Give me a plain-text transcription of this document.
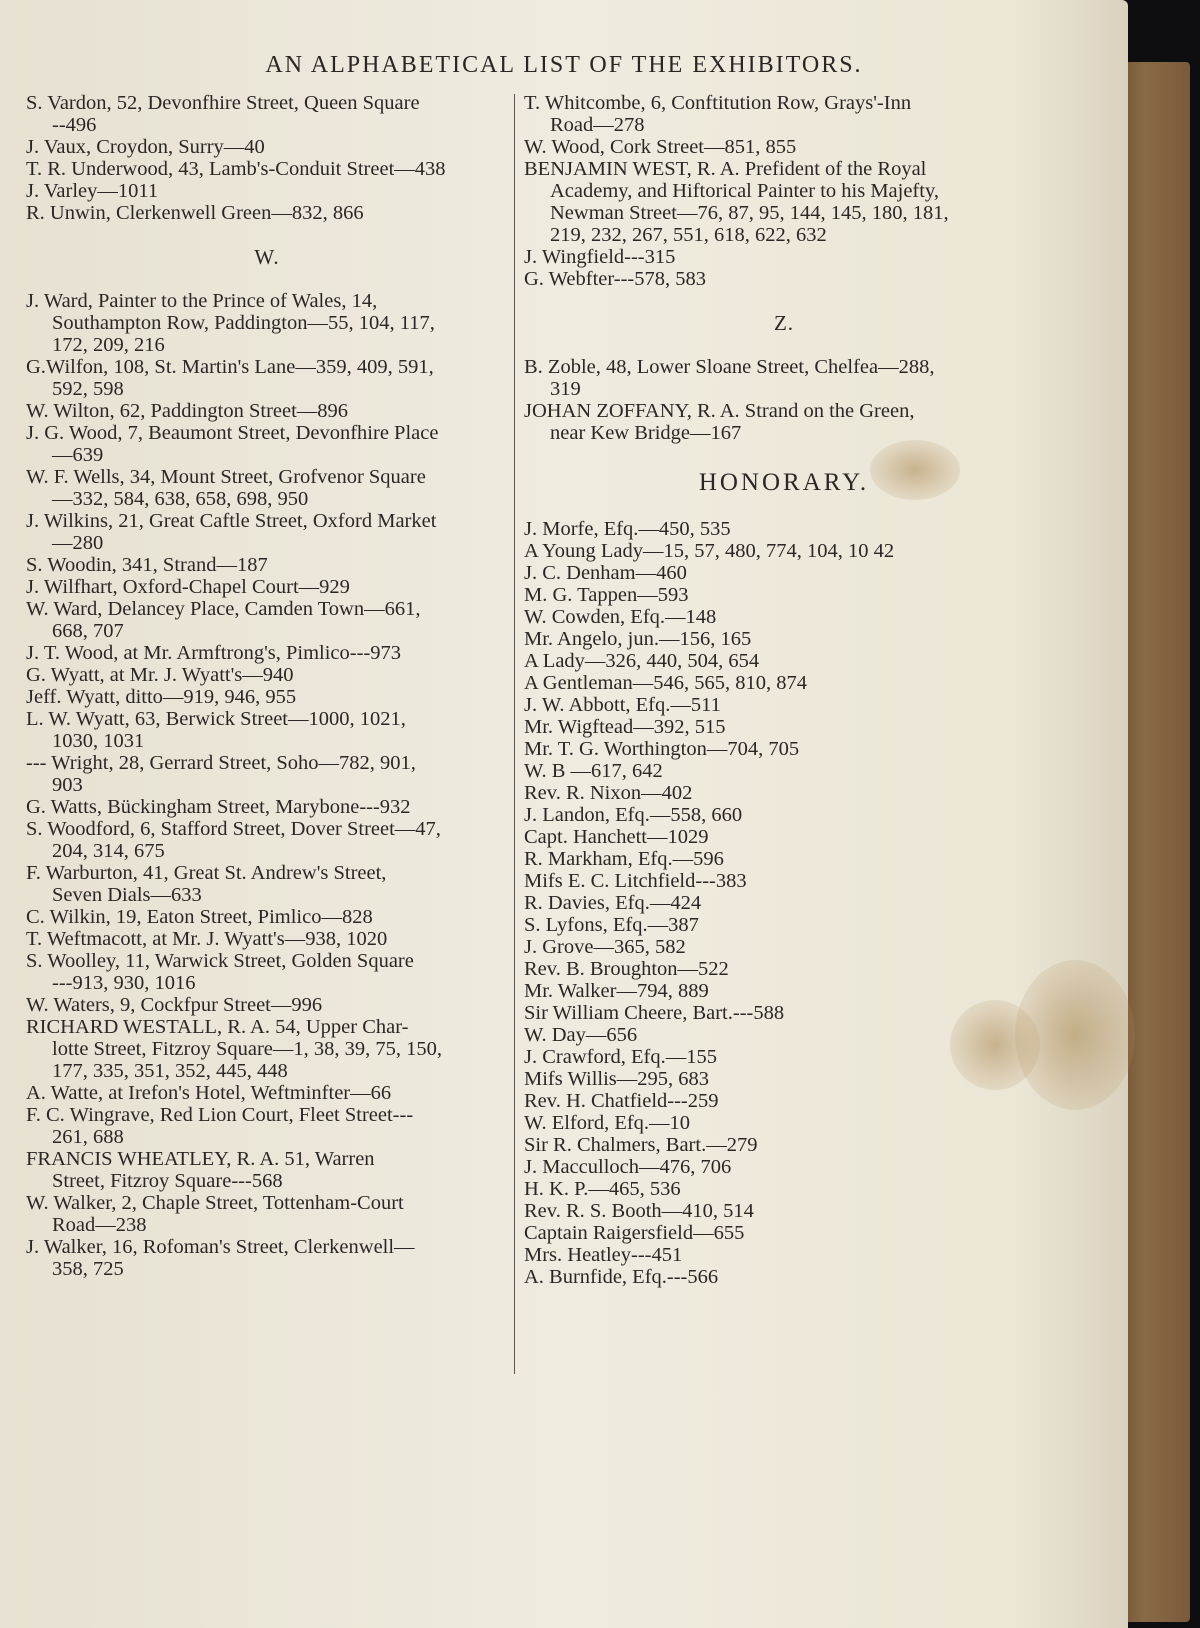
AN ALPHABETICAL LIST OF THE EXHIBITORS.
S. Vardon, 52, Devonfhire Street, Queen Square
--496
J. Vaux, Croydon, Surry—40
T. R. Underwood, 43, Lamb's-Conduit Street—438
J. Varley—1011
R. Unwin, Clerkenwell Green—832, 866
W.
J. Ward, Painter to the Prince of Wales, 14,
Southampton Row, Paddington—55, 104, 117,
172, 209, 216
G.Wilfon, 108, St. Martin's Lane—359, 409, 591,
592, 598
W. Wilton, 62, Paddington Street—896
J. G. Wood, 7, Beaumont Street, Devonfhire Place
—639
W. F. Wells, 34, Mount Street, Grofvenor Square
—332, 584, 638, 658, 698, 950
J. Wilkins, 21, Great Caftle Street, Oxford Market
—280
S. Woodin, 341, Strand—187
J. Wilfhart, Oxford-Chapel Court—929
W. Ward, Delancey Place, Camden Town—661,
668, 707
J. T. Wood, at Mr. Armftrong's, Pimlico---973
G. Wyatt, at Mr. J. Wyatt's—940
Jeff. Wyatt, ditto—919, 946, 955
L. W. Wyatt, 63, Berwick Street—1000, 1021,
1030, 1031
--- Wright, 28, Gerrard Street, Soho—782, 901,
903
G. Watts, Bückingham Street, Marybone---932
S. Woodford, 6, Stafford Street, Dover Street—47,
204, 314, 675
F. Warburton, 41, Great St. Andrew's Street,
Seven Dials—633
C. Wilkin, 19, Eaton Street, Pimlico—828
T. Weftmacott, at Mr. J. Wyatt's—938, 1020
S. Woolley, 11, Warwick Street, Golden Square
---913, 930, 1016
W. Waters, 9, Cockfpur Street—996
RICHARD WESTALL, R. A. 54, Upper Char-
lotte Street, Fitzroy Square—1, 38, 39, 75, 150,
177, 335, 351, 352, 445, 448
A. Watte, at Irefon's Hotel, Weftminfter—66
F. C. Wingrave, Red Lion Court, Fleet Street---
261, 688
FRANCIS WHEATLEY, R. A. 51, Warren
Street, Fitzroy Square---568
W. Walker, 2, Chaple Street, Tottenham-Court
Road—238
J. Walker, 16, Rofoman's Street, Clerkenwell—
358, 725
T. Whitcombe, 6, Conftitution Row, Grays'-Inn
Road—278
W. Wood, Cork Street—851, 855
BENJAMIN WEST, R. A. Prefident of the Royal
Academy, and Hiftorical Painter to his Majefty,
Newman Street—76, 87, 95, 144, 145, 180, 181,
219, 232, 267, 551, 618, 622, 632
J. Wingfield---315
G. Webfter---578, 583
Z.
B. Zoble, 48, Lower Sloane Street, Chelfea—288,
319
JOHAN ZOFFANY, R. A. Strand on the Green,
near Kew Bridge—167
HONORARY.
J. Morfe, Efq.—450, 535
A Young Lady—15, 57, 480, 774, 104, 10 42
J. C. Denham—460
M. G. Tappen—593
W. Cowden, Efq.—148
Mr. Angelo, jun.—156, 165
A Lady—326, 440, 504, 654
A Gentleman—546, 565, 810, 874
J. W. Abbott, Efq.—511
Mr. Wigftead—392, 515
Mr. T. G. Worthington—704, 705
W. B —617, 642
Rev. R. Nixon—402
J. Landon, Efq.—558, 660
Capt. Hanchett—1029
R. Markham, Efq.—596
Mifs E. C. Litchfield---383
R. Davies, Efq.—424
S. Lyfons, Efq.—387
J. Grove—365, 582
Rev. B. Broughton—522
Mr. Walker—794, 889
Sir William Cheere, Bart.---588
W. Day—656
J. Crawford, Efq.—155
Mifs Willis—295, 683
Rev. H. Chatfield---259
W. Elford, Efq.—10
Sir R. Chalmers, Bart.—279
J. Macculloch—476, 706
H. K. P.—465, 536
Rev. R. S. Booth—410, 514
Captain Raigersfield—655
Mrs. Heatley---451
A. Burnfide, Efq.---566
